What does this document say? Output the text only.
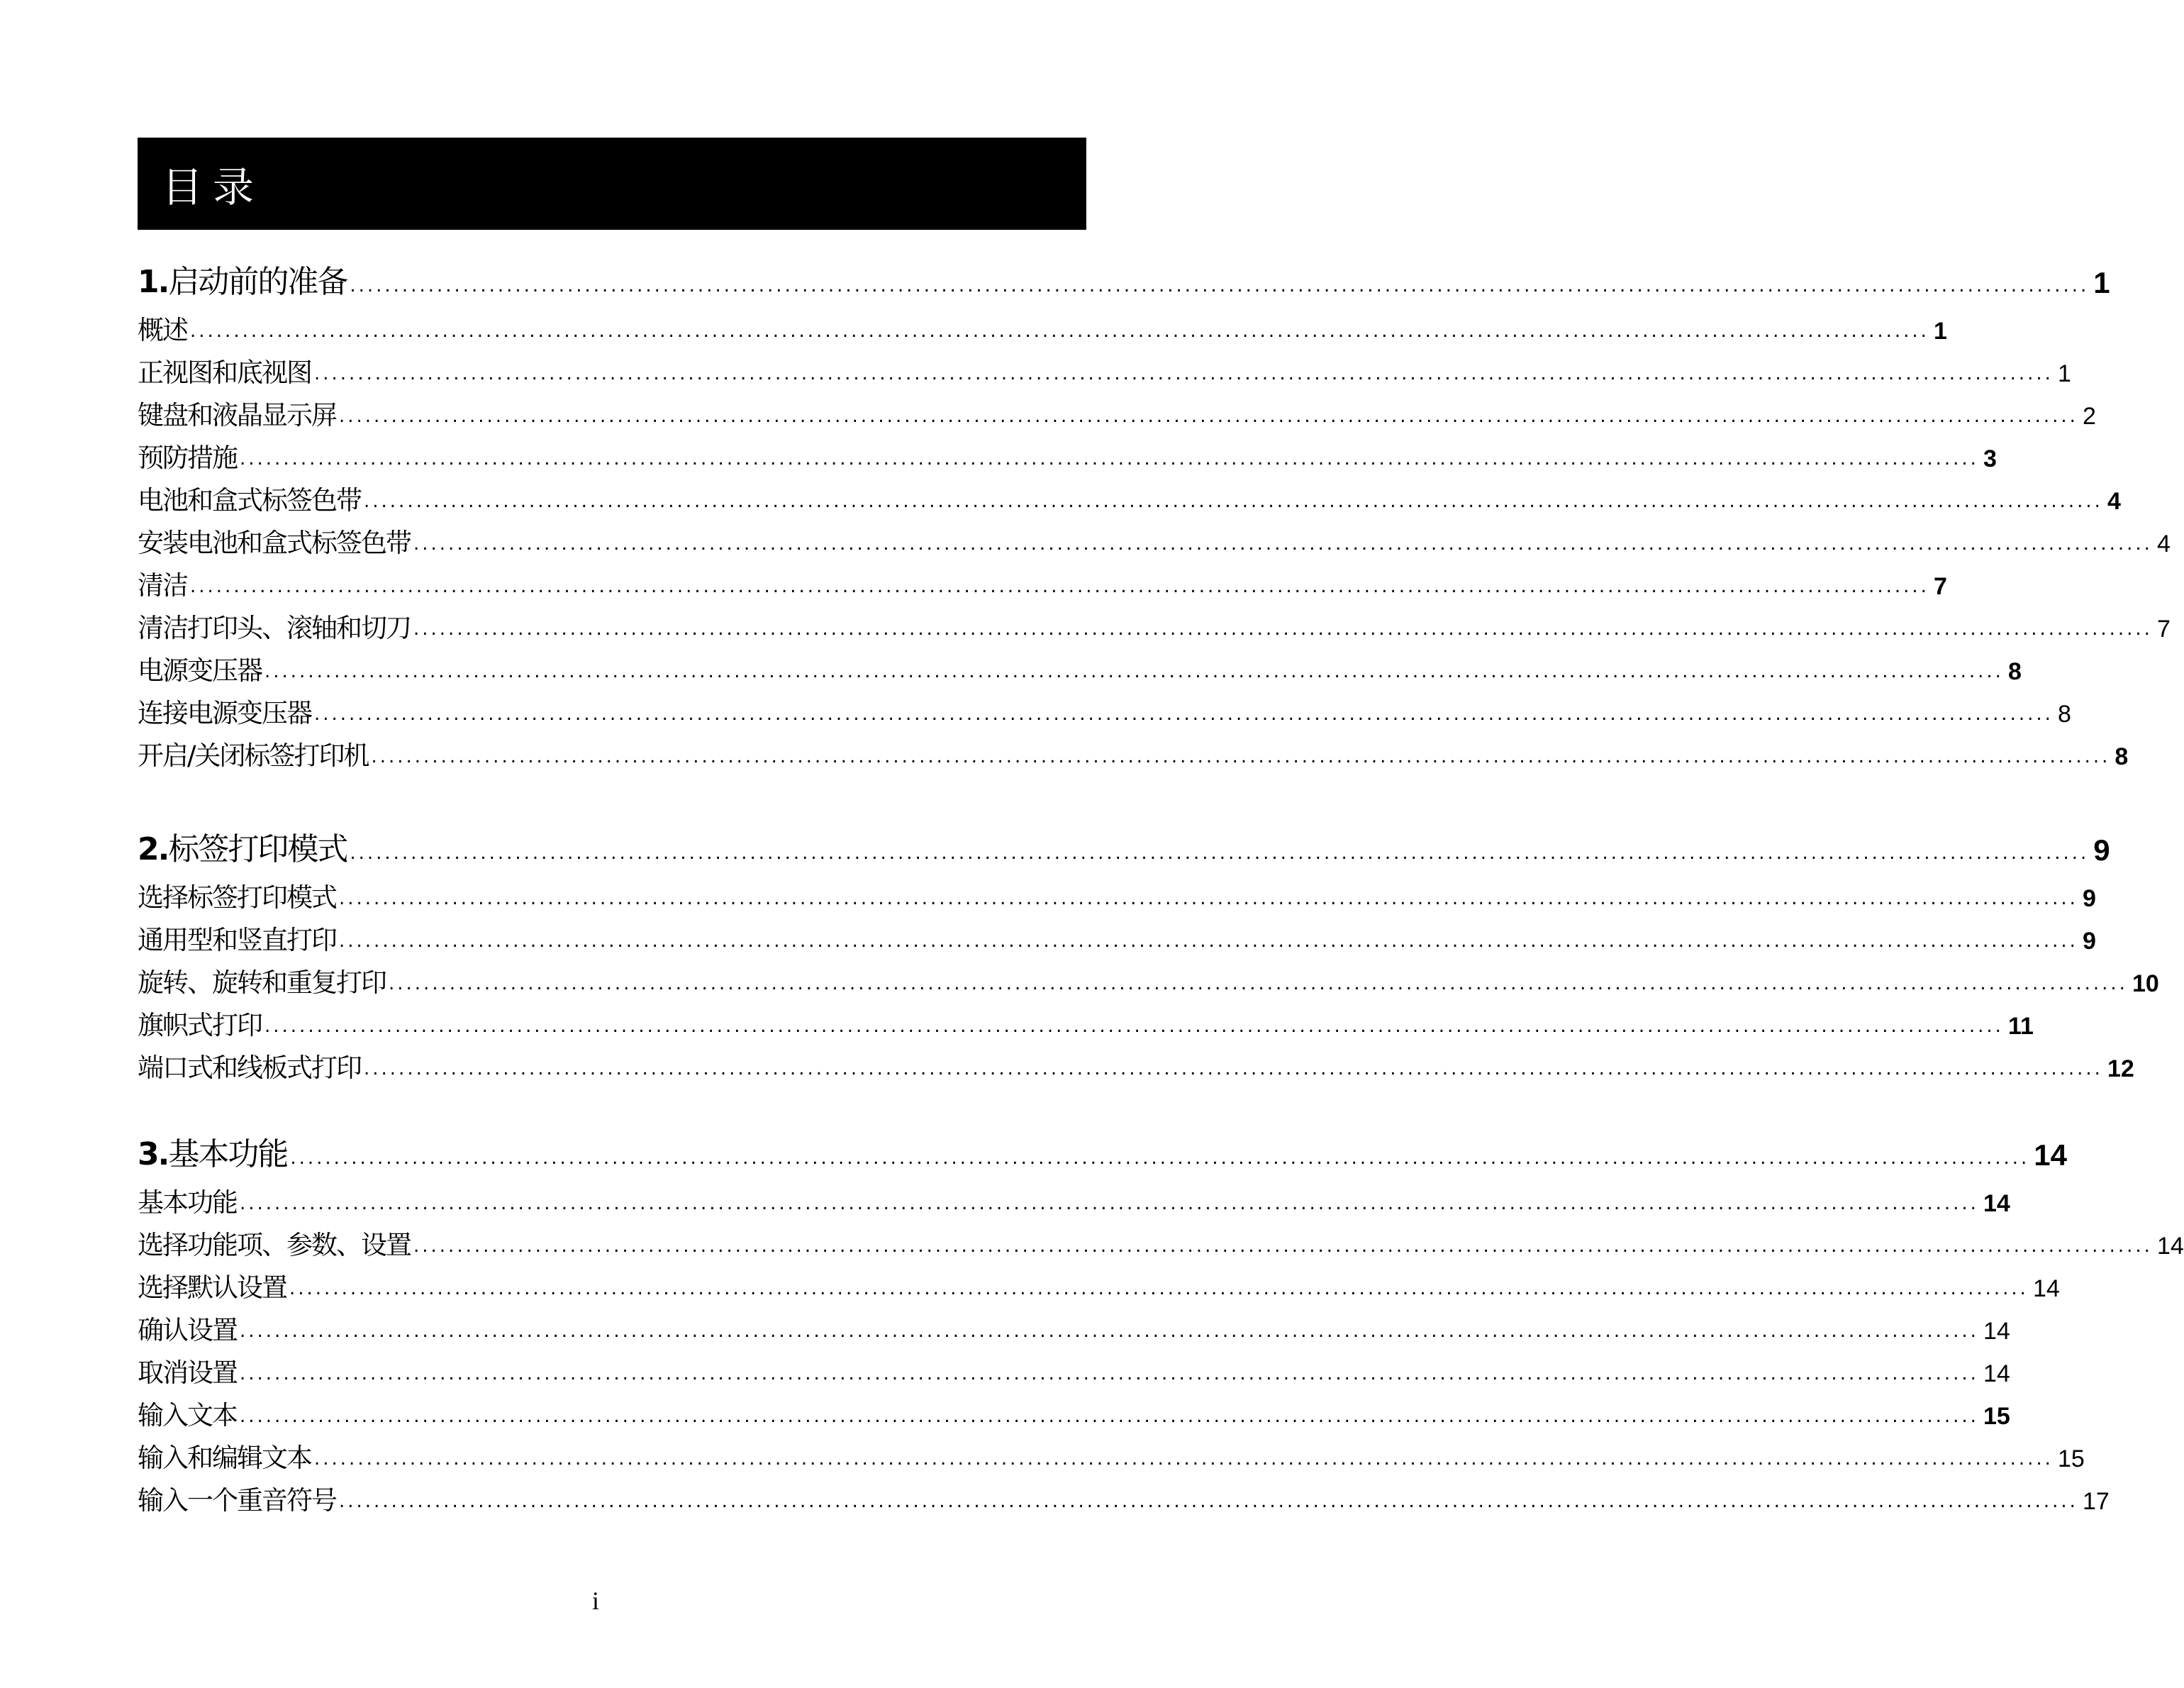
目录
1.启动前的准备 ........................................................................................................................................................................................................ 1
概述 ........................................................................................................................................................................................................ 1
正视图和底视图 ........................................................................................................................................................................................................ 1
键盘和液晶显示屏 ........................................................................................................................................................................................................ 2
预防措施 ........................................................................................................................................................................................................ 3
电池和盒式标签色带 ........................................................................................................................................................................................................ 4
安装电池和盒式标签色带 ........................................................................................................................................................................................................ 4
清洁 ........................................................................................................................................................................................................ 7
清洁打印头、滚轴和切刀 ........................................................................................................................................................................................................ 7
电源变压器 ........................................................................................................................................................................................................ 8
连接电源变压器 ........................................................................................................................................................................................................ 8
开启/关闭标签打印机 ........................................................................................................................................................................................................ 8
2.标签打印模式 ........................................................................................................................................................................................................ 9
选择标签打印模式 ........................................................................................................................................................................................................ 9
通用型和竖直打印 ........................................................................................................................................................................................................ 9
旋转、旋转和重复打印 ........................................................................................................................................................................................................ 10
旗帜式打印 ........................................................................................................................................................................................................ 11
端口式和线板式打印 ........................................................................................................................................................................................................ 12
3.基本功能 ........................................................................................................................................................................................................ 14
基本功能 ........................................................................................................................................................................................................ 14
选择功能项、参数、设置 ........................................................................................................................................................................................................ 14
选择默认设置 ........................................................................................................................................................................................................ 14
确认设置 ........................................................................................................................................................................................................ 14
取消设置 ........................................................................................................................................................................................................ 14
输入文本 ........................................................................................................................................................................................................ 15
输入和编辑文本 ........................................................................................................................................................................................................ 15
输入一个重音符号 ........................................................................................................................................................................................................ 17
i
